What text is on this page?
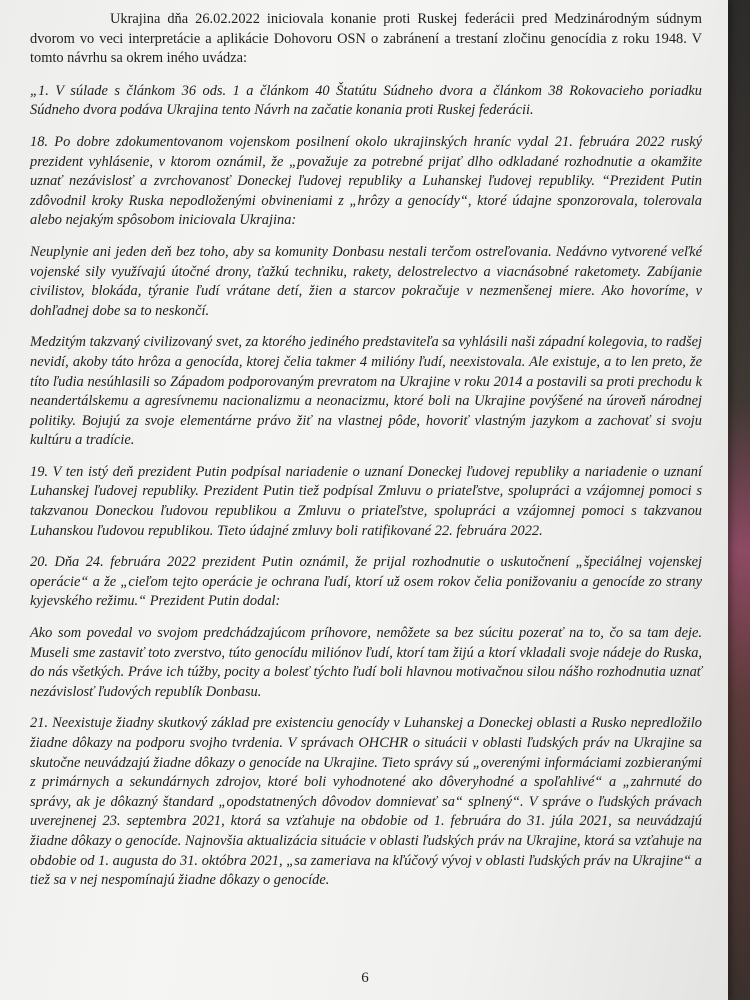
Ukrajina dňa 26.02.2022 iniciovala konanie proti Ruskej federácii pred Medzinárodným súdnym dvorom vo veci interpretácie a aplikácie Dohovoru OSN o zabránení a trestaní zločinu genocídia z roku 1948. V tomto návrhu sa okrem iného uvádza:

„1. V súlade s článkom 36 ods. 1 a článkom 40 Štatútu Súdneho dvora a článkom 38 Rokovacieho poriadku Súdneho dvora podáva Ukrajina tento Návrh na začatie konania proti Ruskej federácii.

18. Po dobre zdokumentovanom vojenskom posilnení okolo ukrajinských hraníc vydal 21. februára 2022 ruský prezident vyhlásenie, v ktorom oznámil, že „považuje za potrebné prijať dlho odkladané rozhodnutie a okamžite uznať nezávislosť a zvrchovanosť Doneckej ľudovej republiky a Luhanskej ľudovej republiky. “Prezident Putin zdôvodnil kroky Ruska nepodloženými obvineniami z „hrôzy a genocídy“, ktoré údajne sponzorovala, tolerovala alebo nejakým spôsobom iniciovala Ukrajina:

Neuplynie ani jeden deň bez toho, aby sa komunity Donbasu nestali terčom ostreľovania. Nedávno vytvorené veľké vojenské sily využívajú útočné drony, ťažkú techniku, rakety, delostrelectvo a viacnásobné raketomety. Zabíjanie civilistov, blokáda, týranie ľudí vrátane detí, žien a starcov pokračuje v nezmenšenej miere. Ako hovoríme, v dohľadnej dobe sa to neskončí.

Medzitým takzvaný civilizovaný svet, za ktorého jediného predstaviteľa sa vyhlásili naši západní kolegovia, to radšej nevidí, akoby táto hrôza a genocída, ktorej čelia takmer 4 milióny ľudí, neexistovala. Ale existuje, a to len preto, že títo ľudia nesúhlasili so Západom podporovaným prevratom na Ukrajine v roku 2014 a postavili sa proti prechodu k neandertálskemu a agresívnemu nacionalizmu a neonacizmu, ktoré boli na Ukrajine povýšené na úroveň národnej politiky. Bojujú za svoje elementárne právo žiť na vlastnej pôde, hovoriť vlastným jazykom a zachovať si svoju kultúru a tradície.

19. V ten istý deň prezident Putin podpísal nariadenie o uznaní Doneckej ľudovej republiky a nariadenie o uznaní Luhanskej ľudovej republiky. Prezident Putin tiež podpísal Zmluvu o priateľstve, spolupráci a vzájomnej pomoci s takzvanou Doneckou ľudovou republikou a Zmluvu o priateľstve, spolupráci a vzájomnej pomoci s takzvanou Luhanskou ľudovou republikou. Tieto údajné zmluvy boli ratifikované 22. februára 2022.

20. Dňa 24. februára 2022 prezident Putin oznámil, že prijal rozhodnutie o uskutočnení „špeciálnej vojenskej operácie“ a že „cieľom tejto operácie je ochrana ľudí, ktorí už osem rokov čelia ponižovaniu a genocíde zo strany kyjevského režimu.“ Prezident Putin dodal:

Ako som povedal vo svojom predchádzajúcom príhovore, nemôžete sa bez súcitu pozerať na to, čo sa tam deje. Museli sme zastaviť toto zverstvo, túto genocídu miliónov ľudí, ktorí tam žijú a ktorí vkladali svoje nádeje do Ruska, do nás všetkých. Práve ich túžby, pocity a bolesť týchto ľudí boli hlavnou motivačnou silou nášho rozhodnutia uznať nezávislosť ľudových republík Donbasu.

21. Neexistuje žiadny skutkový základ pre existenciu genocídy v Luhanskej a Doneckej oblasti a Rusko nepredložilo žiadne dôkazy na podporu svojho tvrdenia. V správach OHCHR o situácii v oblasti ľudských práv na Ukrajine sa skutočne neuvádzajú žiadne dôkazy o genocíde na Ukrajine. Tieto správy sú „overenými informáciami zozbieranými z primárnych a sekundárnych zdrojov, ktoré boli vyhodnotené ako dôveryhodné a spoľahlivé“ a „zahrnuté do správy, ak je dôkazný štandard „opodstatnených dôvodov domnievať sa“ splnený“. V správe o ľudských právach uverejnenej 23. septembra 2021, ktorá sa vzťahuje na obdobie od 1. februára do 31. júla 2021, sa neuvádzajú žiadne dôkazy o genocíde. Najnovšia aktualizácia situácie v oblasti ľudských práv na Ukrajine, ktorá sa vzťahuje na obdobie od 1. augusta do 31. októbra 2021, „sa zameriava na kľúčový vývoj v oblasti ľudských práv na Ukrajine“ a tiež sa v nej nespomínajú žiadne dôkazy o genocíde.

6
